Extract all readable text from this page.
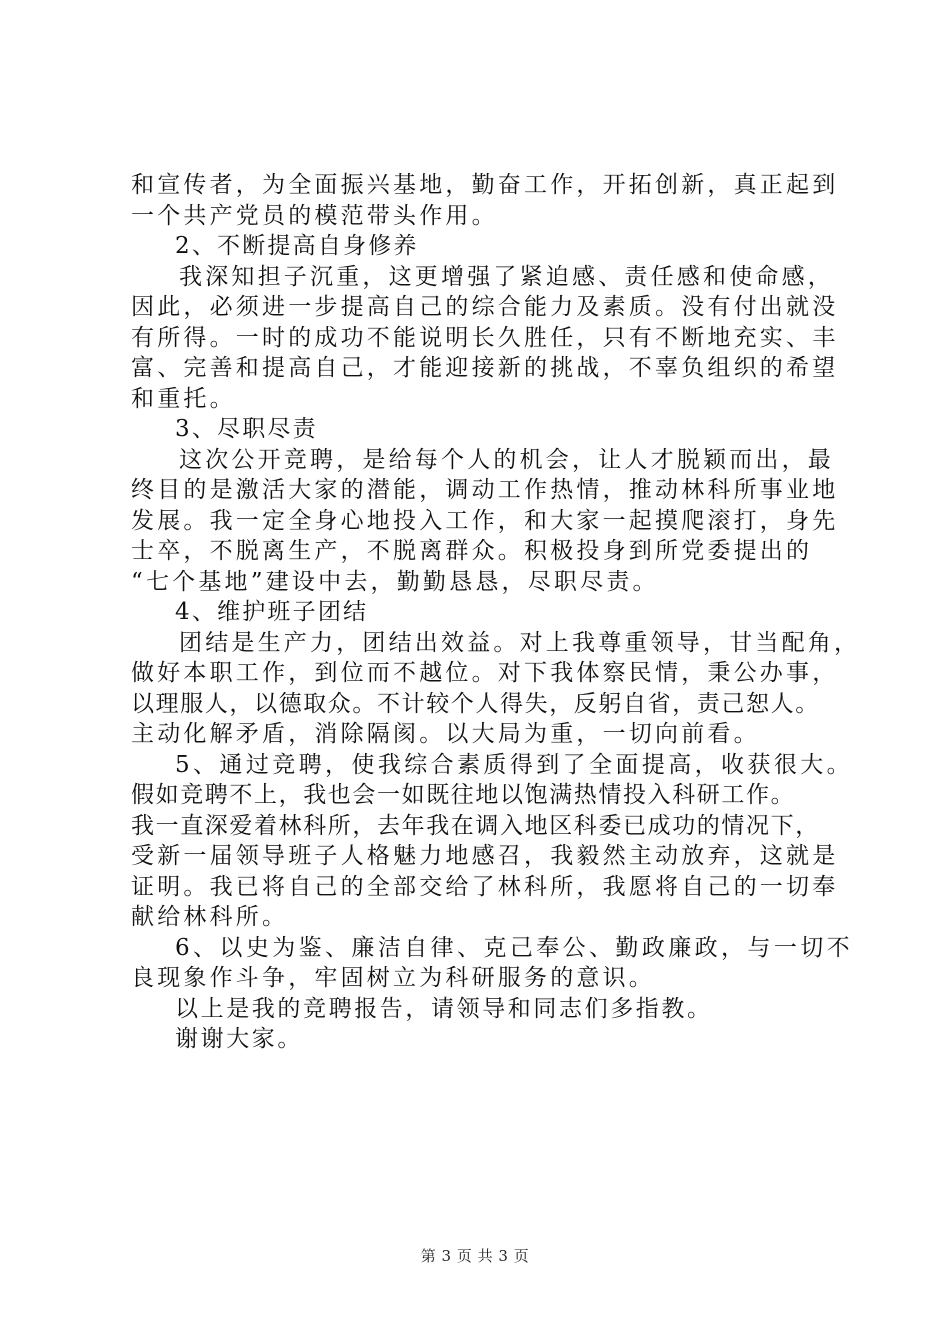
和宣传者，为全面振兴基地，勤奋工作，开拓创新，真正起到
一个共产党员的模范带头作用。
2、不断提高自身修养
我深知担子沉重，这更增强了紧迫感、责任感和使命感，
因此，必须进一步提高自己的综合能力及素质。没有付出就没
有所得。一时的成功不能说明长久胜任，只有不断地充实、丰
富、完善和提高自己，才能迎接新的挑战，不辜负组织的希望
和重托。
3、尽职尽责
这次公开竞聘，是给每个人的机会，让人才脱颖而出，最
终目的是激活大家的潜能，调动工作热情，推动林科所事业地
发展。我一定全身心地投入工作，和大家一起摸爬滚打，身先
士卒，不脱离生产，不脱离群众。积极投身到所党委提出的
“七个基地”建设中去，勤勤恳恳，尽职尽责。
4、维护班子团结
团结是生产力，团结出效益。对上我尊重领导，甘当配角，
做好本职工作，到位而不越位。对下我体察民情，秉公办事，
以理服人，以德取众。不计较个人得失，反躬自省，责己恕人。
主动化解矛盾，消除隔阂。以大局为重，一切向前看。
5、通过竞聘，使我综合素质得到了全面提高，收获很大。
假如竞聘不上，我也会一如既往地以饱满热情投入科研工作。
我一直深爱着林科所，去年我在调入地区科委已成功的情况下，
受新一届领导班子人格魅力地感召，我毅然主动放弃，这就是
证明。我已将自己的全部交给了林科所，我愿将自己的一切奉
献给林科所。
6、以史为鉴、廉洁自律、克己奉公、勤政廉政，与一切不
良现象作斗争，牢固树立为科研服务的意识。
以上是我的竞聘报告，请领导和同志们多指教。
谢谢大家。
第 3 页 共 3 页
